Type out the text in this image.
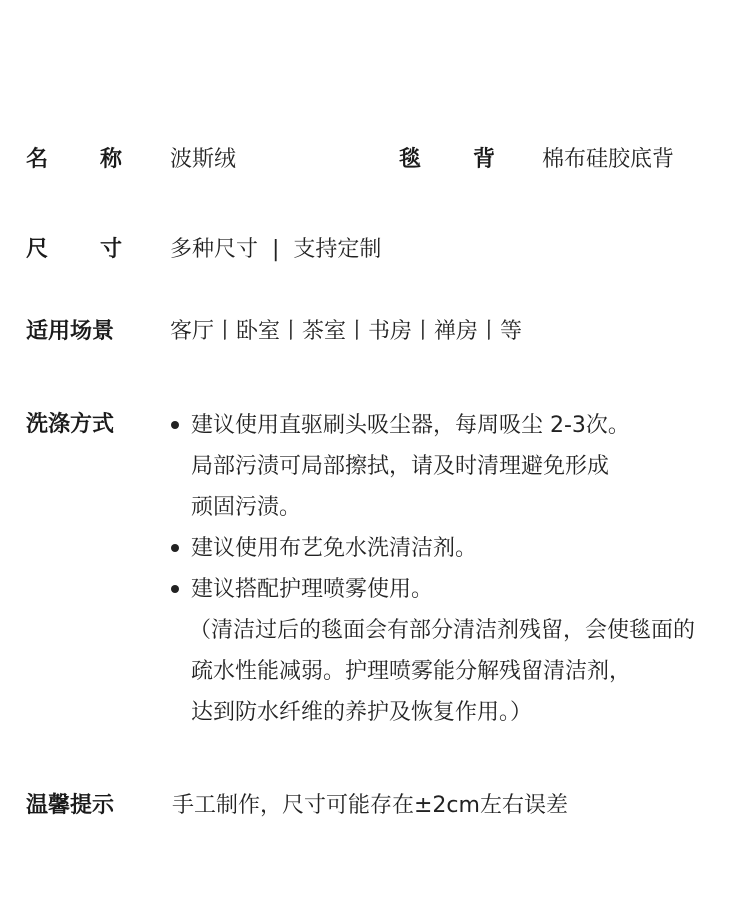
名 称 波斯绒	毯 背 棉布硅胶底背
尺 寸 多种尺寸  |  支持定制
适用场景	客厅丨卧室丨茶室丨书房丨禅房丨等
洗涤方式	建议使用直驱刷头吸尘器，每周吸尘 2-3次。
局部污渍可局部擦拭，请及时清理避免形成
顽固污渍。
建议使用布艺免水洗清洁剂。
建议搭配护理喷雾使用。
（清洁过后的毯面会有部分清洁剂残留，会使毯面的
疏水性能减弱。护理喷雾能分解残留清洁剂，
达到防水纤维的养护及恢复作用。）
温馨提示	手工制作，尺寸可能存在±2cm左右误差
